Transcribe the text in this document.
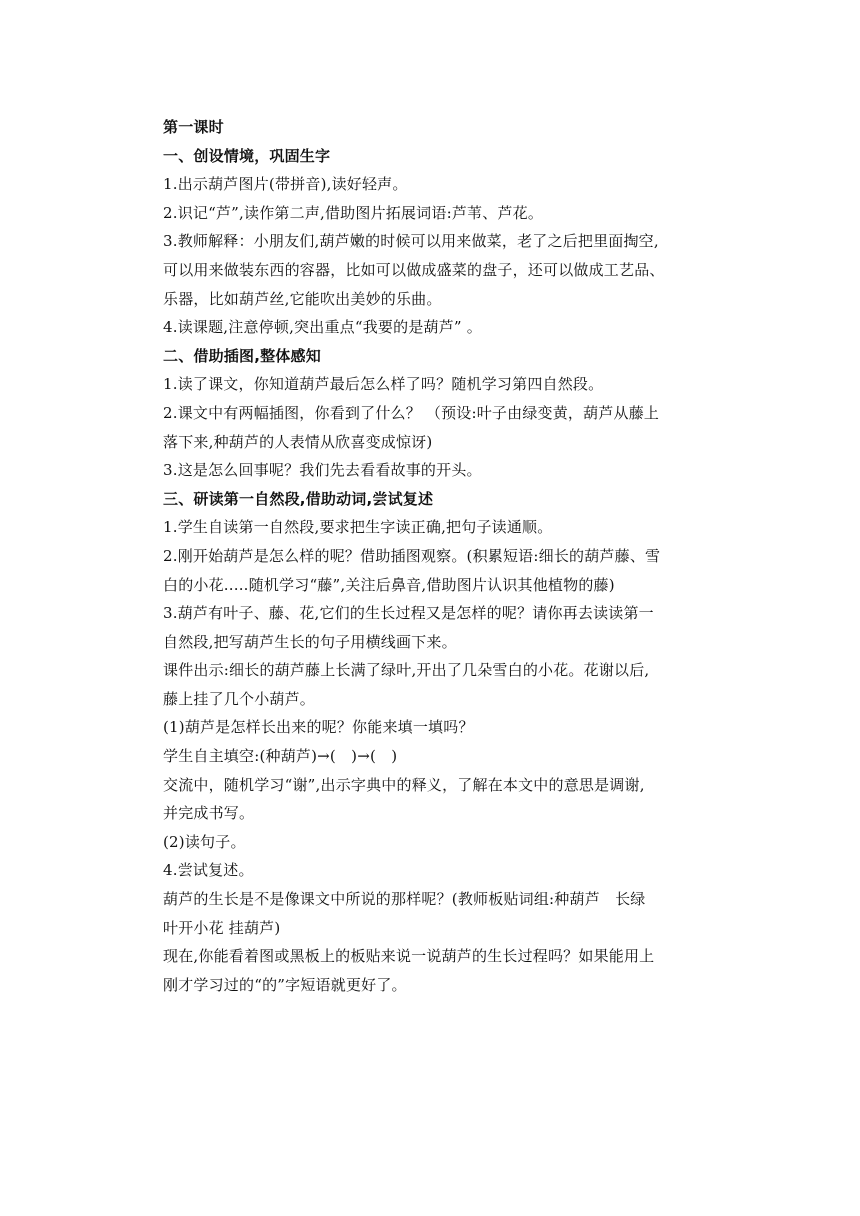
第一课时
一、创设情境，巩固生字
1.出示葫芦图片(带拼音),读好轻声。
2.识记“芦”,读作第二声,借助图片拓展词语:芦苇、芦花。
3.教师解释：小朋友们,葫芦嫩的时候可以用来做菜，老了之后把里面掏空,
可以用来做装东西的容器，比如可以做成盛菜的盘子，还可以做成工艺品、
乐器，比如葫芦丝,它能吹出美妙的乐曲。
4.读课题,注意停顿,突出重点“我要的是葫芦” 。
二、借助插图,整体感知
1.读了课文，你知道葫芦最后怎么样了吗？随机学习第四自然段。
2.课文中有两幅插图，你看到了什么？ （预设:叶子由绿变黄，葫芦从藤上
落下来,种葫芦的人表情从欣喜变成惊讶)
3.这是怎么回事呢？我们先去看看故事的开头。
三、研读第一自然段,借助动词,尝试复述
1.学生自读第一自然段,要求把生字读正确,把句子读通顺。
2.刚开始葫芦是怎么样的呢？借助插图观察。(积累短语:细长的葫芦藤、雪
白的小花.....随机学习“藤”,关注后鼻音,借助图片认识其他植物的藤)
3.葫芦有叶子、藤、花,它们的生长过程又是怎样的呢？请你再去读读第一
自然段,把写葫芦生长的句子用横线画下来。
课件出示:细长的葫芦藤上长满了绿叶,开出了几朵雪白的小花。花谢以后,
藤上挂了几个小葫芦。
(1)葫芦是怎样长出来的呢？你能来填一填吗？
学生自主填空:(种葫芦)→(　)→(　)
交流中，随机学习“谢”,出示字典中的释义，了解在本文中的意思是调谢,
并完成书写。
(2)读句子。
4.尝试复述。
葫芦的生长是不是像课文中所说的那样呢？(教师板贴词组:种葫芦　长绿
叶开小花 挂葫芦)
现在,你能看着图或黑板上的板贴来说一说葫芦的生长过程吗？如果能用上
刚才学习过的“的”字短语就更好了。
